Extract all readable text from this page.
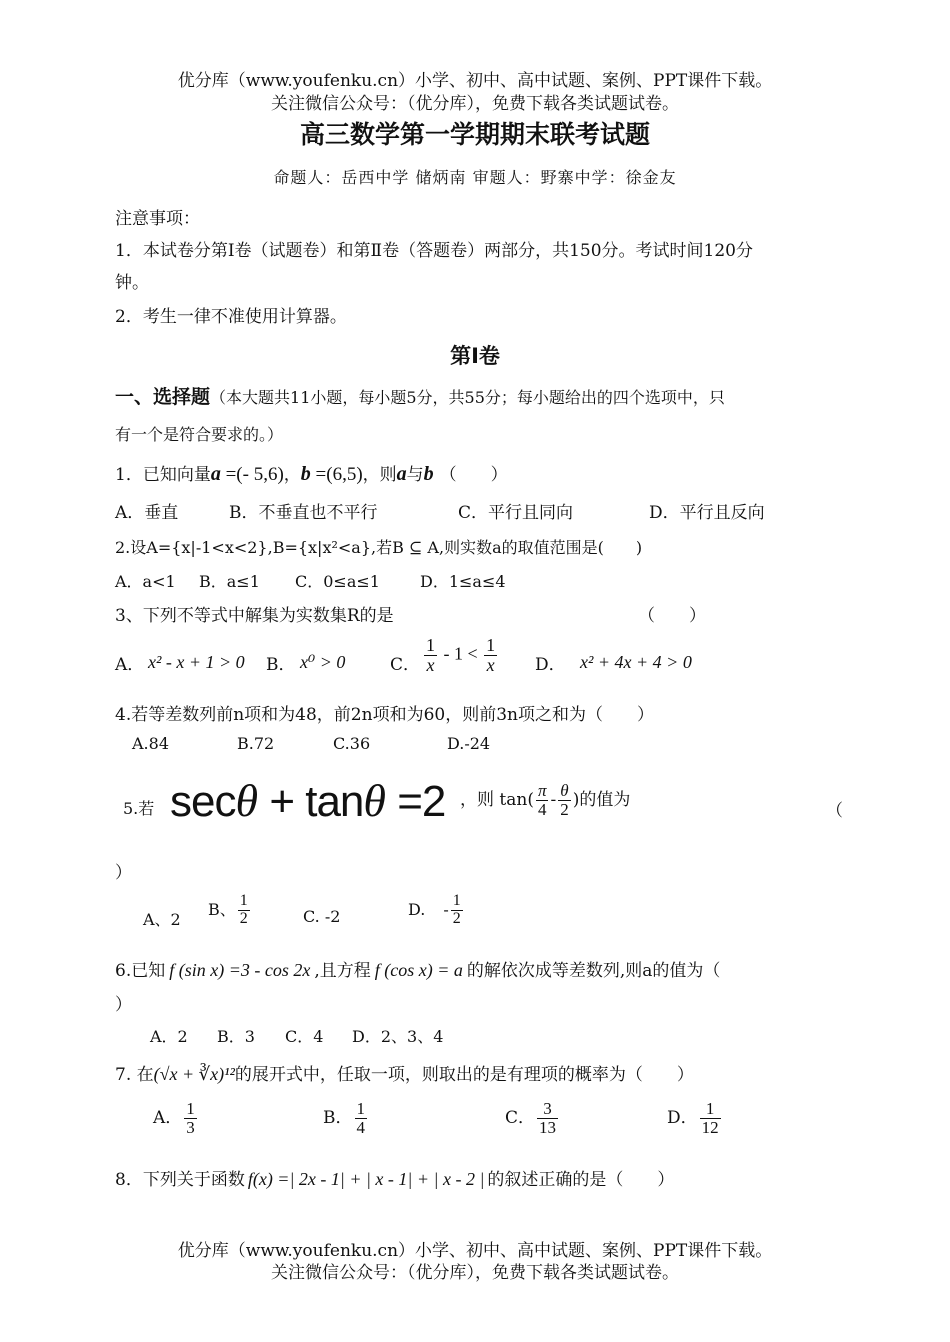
优分库（www.youfenku.cn）小学、初中、高中试题、案例、PPT课件下载。
关注微信公众号：（优分库），免费下载各类试题试卷。
高三数学第一学期期末联考试题
命题人：岳西中学 储炳南 审题人：野寨中学：徐金友
注意事项：
1．本试卷分第Ⅰ卷（试题卷）和第Ⅱ卷（答题卷）两部分，共150分。考试时间120分
钟。
2．考生一律不准使用计算器。
第Ⅰ卷
一、选择题（本大题共11小题，每小题5分，共55分；每小题给出的四个选项中，只
有一个是符合要求的。）
1．已知向量a =(- 5,6)，b =(6,5)，则a与b （　　）
A．垂直	B．不垂直也不平行	C．平行且同向	D．平行且反向
2.设A={x|-1<x<2},B={x|x²<a},若B ⊆ A,则实数a的取值范围是(　　)
A．a<1 B．a≤1 C．0≤a≤1	D．1≤a≤4
3、下列不等式中解集为实数集R的是	（　　）
A． x² - x + 1 > 0 B． x⁰ > 0	C． $\frac{1}{x} - 1 < \frac{1}{x}$ D． x² + 4x + 4 > 0
4.若等差数列前n项和为48，前2n项和为60，则前3n项之和为（　　）
A.84	B.72	C.36	D.-24
5.若 secθ + tanθ =2 ，则 $\tan( \frac{\pi}{4} - \frac{\theta}{2}$ )的值为
（
）
A、2
B、 $\frac{1}{2}$	C. -2	D. - $\frac{1}{2}$
6.已知 f (sin x) =3 - cos 2x ,且方程 f (cos x) = a 的解依次成等差数列,则a的值为（
）
A．2 B．3 C．4 D．2、3、4
7. 在(√x + ∛x)¹²的展开式中，任取一项，则取出的是有理项的概率为（　　）
A． $\frac{1}{3}$	B． $\frac{1}{4}$	C． $\frac{3}{13}$	D． $\frac{1}{12}$
8．下列关于函数 f(x) =| 2x - 1| + | x - 1| + | x - 2 | 的叙述正确的是（　　）
优分库（www.youfenku.cn）小学、初中、高中试题、案例、PPT课件下载。
关注微信公众号：（优分库），免费下载各类试题试卷。
